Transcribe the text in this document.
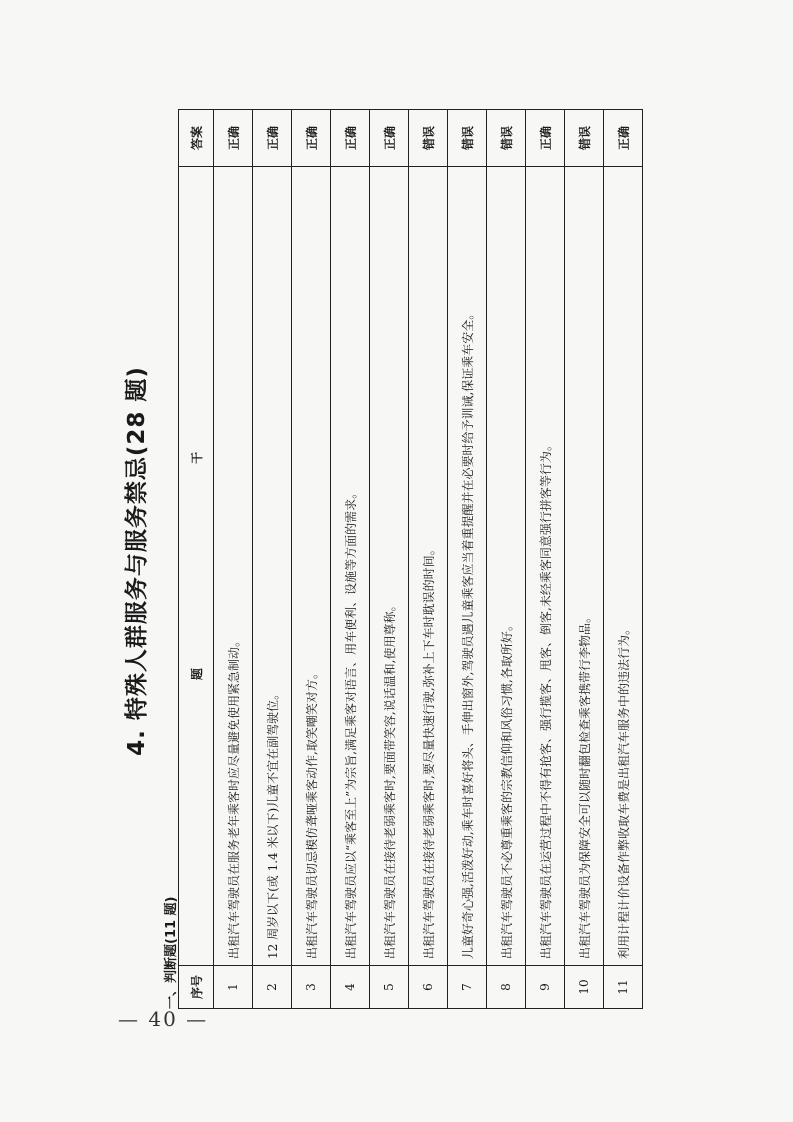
4. 特殊人群服务与服务禁忌(28 题)
一、判断题(11 题) 序号	题 干	答案
1	出租汽车驾驶员在服务老年乘客时应尽量避免使用紧急制动。	正确
2	12 周岁以下(或 1.4 米以下)儿童不宜在副驾驶位。	正确
3	出租汽车驾驶员切忌模仿聋哑乘客动作,取笑嘲笑对方。	正确
4	出租汽车驾驶员应以“乘客至上”为宗旨,满足乘客对语言、用车便利、设施等方面的需求。	正确
5	出租汽车驾驶员在接待老弱乘客时,要面带笑容,说话温和,使用尊称。	正确
6	出租汽车驾驶员在接待老弱乘客时,要尽量快速行驶,弥补上下车时耽误的时间。	错误
7	儿童好奇心强,活泼好动,乘车时喜好将头、手伸出窗外,驾驶员遇儿童乘客应当着重提醒并在必要时给予训诫,保证乘车安全。	错误
8	出租汽车驾驶员不必尊重乘客的宗教信仰和风俗习惯,各取所好。	错误
9	出租汽车驾驶员在运营过程中不得有抢客、强行揽客、甩客、倒客,未经乘客同意强行拼客等行为。	正确
10	出租汽车驾驶员为保障安全可以随时翻包检查乘客携带行李物品。	错误
11	利用计程计价设备作弊收取车费是出租汽车服务中的违法行为。	正确
— 40 —
